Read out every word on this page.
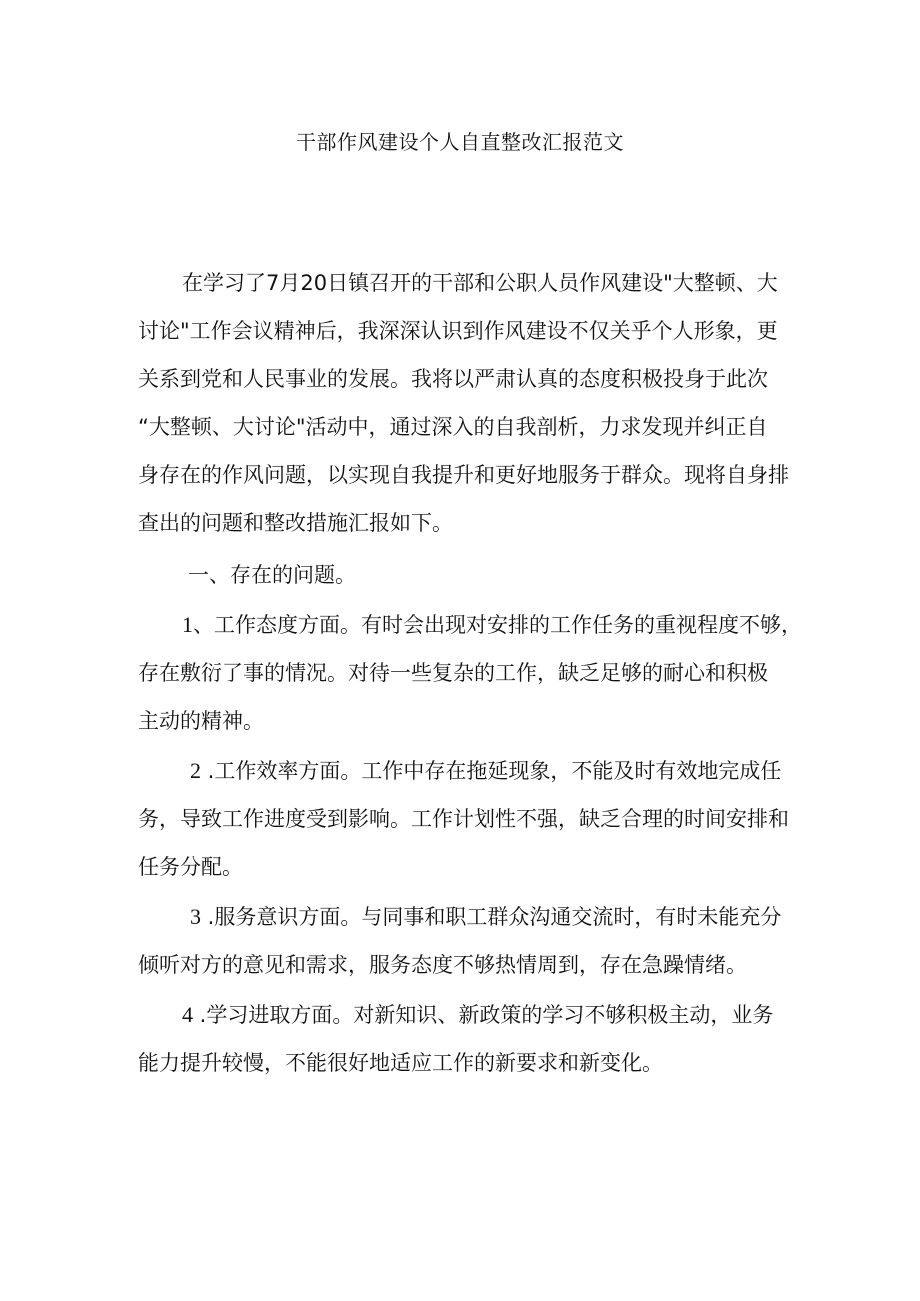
干部作风建设个人自直整改汇报范文

在学习了7月20日镇召开的干部和公职人员作风建设"大整顿、大

讨论"工作会议精神后，我深深认识到作风建设不仅关乎个人形象，更

关系到党和人民事业的发展。我将以严肃认真的态度积极投身于此次

“大整顿、大讨论"活动中，通过深入的自我剖析，力求发现并纠正自

身存在的作风问题，以实现自我提升和更好地服务于群众。现将自身排

查出的问题和整改措施汇报如下。

一、存在的问题。

1、工作态度方面。有时会出现对安排的工作任务的重视程度不够，

存在敷衍了事的情况。对待一些复杂的工作，缺乏足够的耐心和积极

主动的精神。

2 .工作效率方面。工作中存在拖延现象，不能及时有效地完成任

务，导致工作进度受到影响。工作计划性不强，缺乏合理的时间安排和

任务分配。

3 .服务意识方面。与同事和职工群众沟通交流时，有时未能充分

倾听对方的意见和需求，服务态度不够热情周到，存在急躁情绪。

4 .学习进取方面。对新知识、新政策的学习不够积极主动，业务

能力提升较慢，不能很好地适应工作的新要求和新变化。
